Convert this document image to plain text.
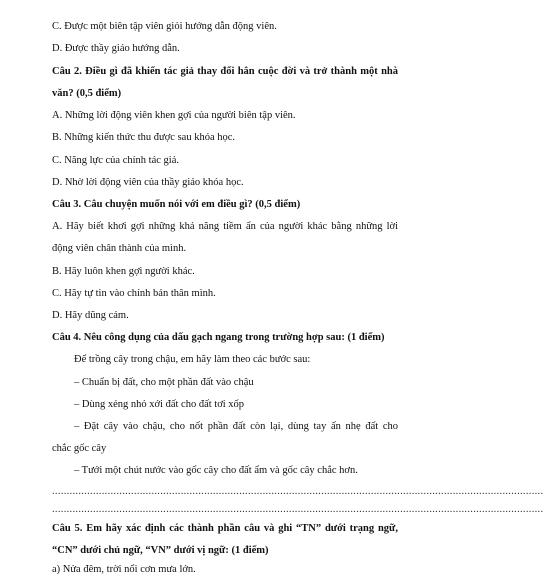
C. Được một biên tập viên giỏi hướng dẫn động viên.
D. Được thầy giáo hướng dẫn.
Câu 2. Điều gì đã khiến tác giả thay đổi hẳn cuộc đời và trở thành một nhà
văn? (0,5 điểm)
A. Những lời động viên khen gợi của người biên tập viên.
B. Những kiến thức thu được sau khóa học.
C. Năng lực của chính tác giả.
D. Nhờ lời động viên của thầy giáo khóa học.
Câu 3. Câu chuyện muốn nói với em điều gì? (0,5 điểm)
A. Hãy biết khơi gợi những khả năng tiềm ẩn của người khác bằng những lời
động viên chân thành của mình.
B. Hãy luôn khen gợi người khác.
C. Hãy tự tin vào chính bản thân mình.
D. Hãy dũng cảm.
Câu 4. Nêu công dụng của dấu gạch ngang trong trường hợp sau: (1 điểm)
Để trồng cây trong chậu, em hãy làm theo các bước sau:
– Chuẩn bị đất, cho một phần đất vào chậu
– Dùng xẻng nhỏ xới đất cho đất tơi xốp
– Đặt cây vào chậu, cho nốt phần đất còn lại, dùng tay ấn nhẹ đất cho
chắc gốc cây
– Tưới một chút nước vào gốc cây cho đất ẩm và gốc cây chắc hơn.
........................................................................................................................................................................
........................................................................................................................................................................
Câu 5. Em hãy xác định các thành phần câu và ghi “TN” dưới trạng ngữ,
“CN” dưới chủ ngữ, “VN” dưới vị ngữ: (1 điểm)
a) Nửa đêm, trời nổi cơn mưa lớn.
